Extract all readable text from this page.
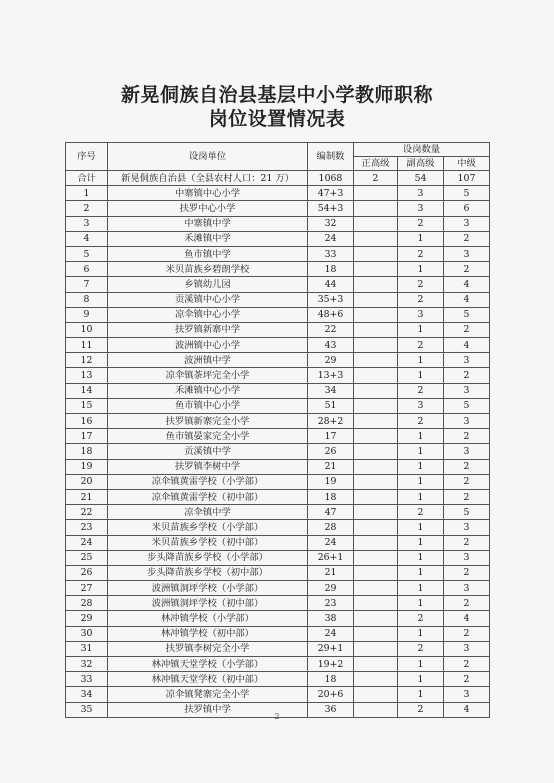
新晃侗族自治县基层中小学教师职称
岗位设置情况表
序号	设岗单位	编制数	设岗数量		
			正高级	副高级	中级
合计	新晃侗族自治县（全县农村人口：21 万）	1068	2	54	107
1	中寨镇中心小学	47+3		3	5
2	扶罗中心小学	54+3		3	6
3	中寨镇中学	32		2	3
4	禾滩镇中学	24		1	2
5	鱼市镇中学	33		2	3
6	米贝苗族乡碧朗学校	18		1	2
7	乡镇幼儿园	44		2	4
8	贡溪镇中心小学	35+3		2	4
9	凉伞镇中心小学	48+6		3	5
10	扶罗镇新寨中学	22		1	2
11	波洲镇中心小学	43		2	4
12	波洲镇中学	29		1	3
13	凉伞镇茶坪完全小学	13+3		1	2
14	禾滩镇中心小学	34		2	3
15	鱼市镇中心小学	51		3	5
16	扶罗镇新寨完全小学	28+2		2	3
17	鱼市镇晏家完全小学	17		1	2
18	贡溪镇中学	26		1	3
19	扶罗镇李树中学	21		1	2
20	凉伞镇黄雷学校（小学部）	19		1	2
21	凉伞镇黄雷学校（初中部）	18		1	2
22	凉伞镇中学	47		2	5
23	米贝苗族乡学校（小学部）	28		1	3
24	米贝苗族乡学校（初中部）	24		1	2
25	步头降苗族乡学校（小学部）	26+1		1	3
26	步头降苗族乡学校（初中部）	21		1	2
27	波洲镇洞坪学校（小学部）	29		1	3
28	波洲镇洞坪学校（初中部）	23		1	2
29	林冲镇学校（小学部）	38		2	4
30	林冲镇学校（初中部）	24		1	2
31	扶罗镇李树完全小学	29+1		2	3
32	林冲镇天堂学校（小学部）	19+2		1	2
33	林冲镇天堂学校（初中部）	18		1	2
34	凉伞镇凳寨完全小学	20+6		1	3
35	扶罗镇中学	36		2	4
2
